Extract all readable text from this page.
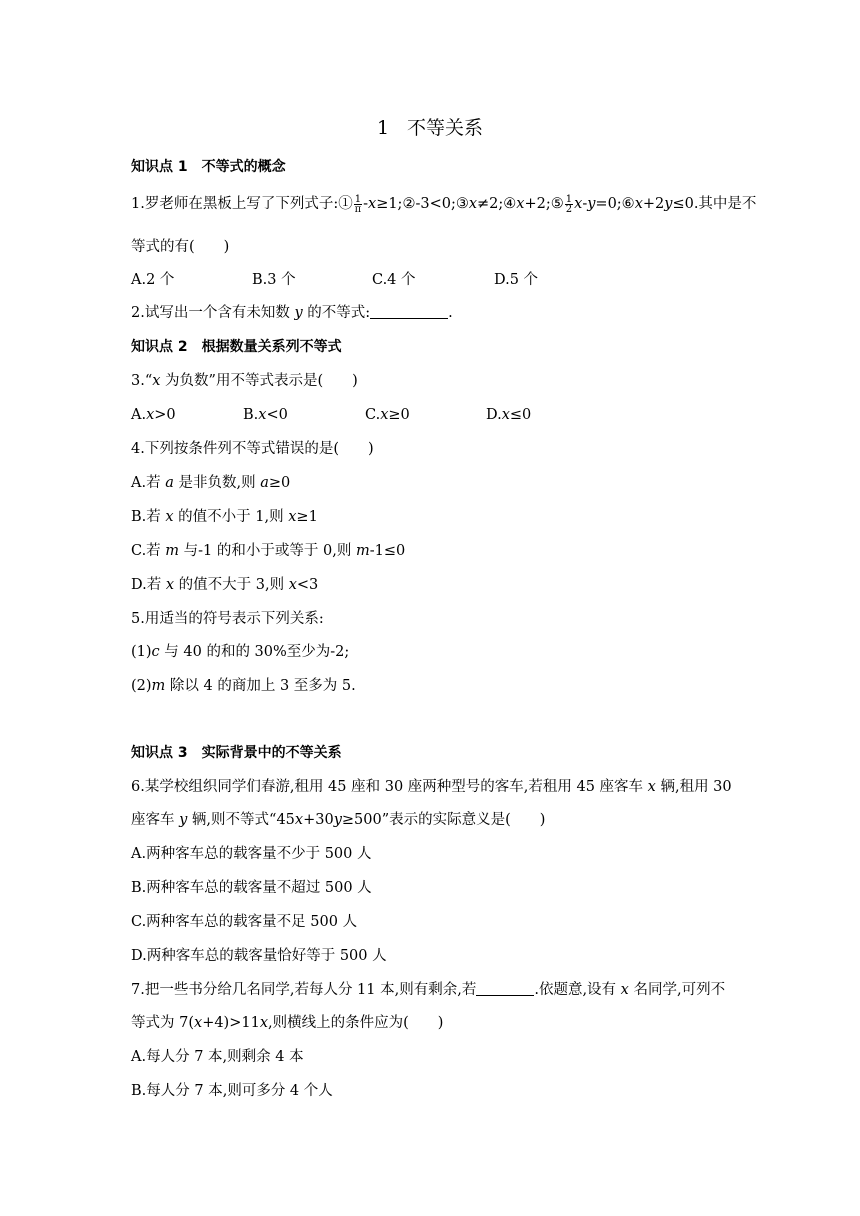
1 不等关系
知识点 1 不等式的概念
1.罗老师在黑板上写了下列式子:① $\frac{1}{\pi}$ -x≥1;②-3<0;③x≠2;④x+2;⑤ $\frac{1}{2}$ x-y=0;⑥x+2y≤0.其中是不
等式的有(　　)
A.2 个	B.3 个	C.4 个	D.5 个
2.试写出一个含有未知数 y 的不等式:	.
知识点 2 根据数量关系列不等式
3.“x 为负数”用不等式表示是(　　)
A.x>0	B.x<0	C.x≥0	D.x≤0
4.下列按条件列不等式错误的是(　　)
A.若 a 是非负数,则 a≥0
B.若 x 的值不小于 1,则 x≥1
C.若 m 与-1 的和小于或等于 0,则 m-1≤0
D.若 x 的值不大于 3,则 x<3
5.用适当的符号表示下列关系:
(1)c 与 40 的和的 30%至少为-2;
(2)m 除以 4 的商加上 3 至多为 5.
知识点 3 实际背景中的不等关系
6.某学校组织同学们春游,租用 45 座和 30 座两种型号的客车,若租用 45 座客车 x 辆,租用 30
座客车 y 辆,则不等式“45x+30y≥500”表示的实际意义是(　　)
A.两种客车总的载客量不少于 500 人
B.两种客车总的载客量不超过 500 人
C.两种客车总的载客量不足 500 人
D.两种客车总的载客量恰好等于 500 人
7.把一些书分给几名同学,若每人分 11 本,则有剩余,若	.依题意,设有 x 名同学,可列不
等式为 7(x+4)>11x,则横线上的条件应为(　　)
A.每人分 7 本,则剩余 4 本
B.每人分 7 本,则可多分 4 个人
